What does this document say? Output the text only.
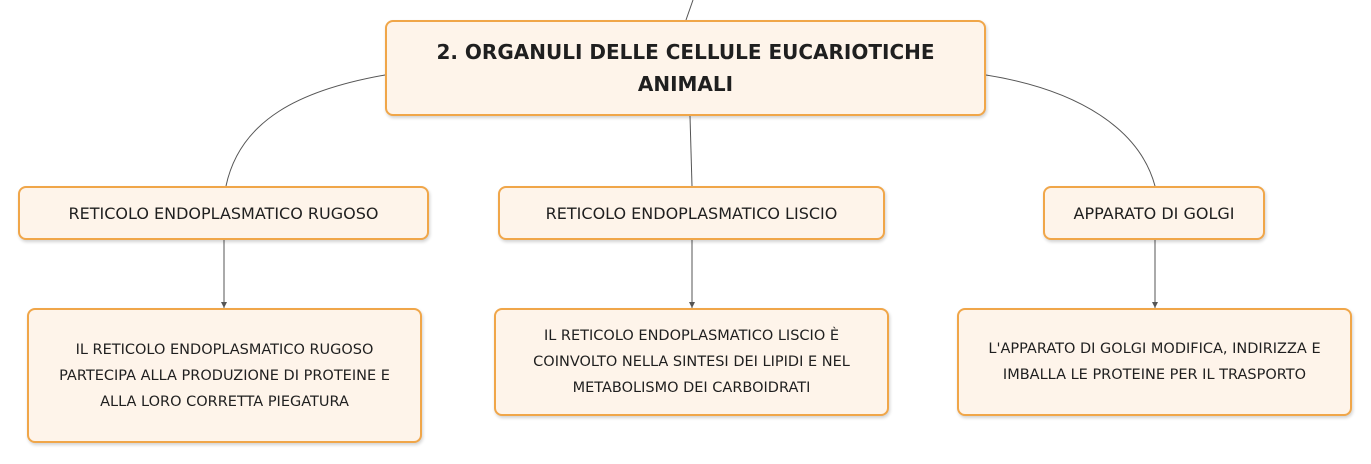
2. ORGANULI DELLE CELLULE EUCARIOTICHE
ANIMALI
RETICOLO ENDOPLASMATICO RUGOSO	RETICOLO ENDOPLASMATICO LISCIO	APPARATO DI GOLGI
IL RETICOLO ENDOPLASMATICO RUGOSO
PARTECIPA ALLA PRODUZIONE DI PROTEINE E
ALLA LORO CORRETTA PIEGATURA
IL RETICOLO ENDOPLASMATICO LISCIO È
COINVOLTO NELLA SINTESI DEI LIPIDI E NEL
METABOLISMO DEI CARBOIDRATI
L'APPARATO DI GOLGI MODIFICA, INDIRIZZA E
IMBALLA LE PROTEINE PER IL TRASPORTO
